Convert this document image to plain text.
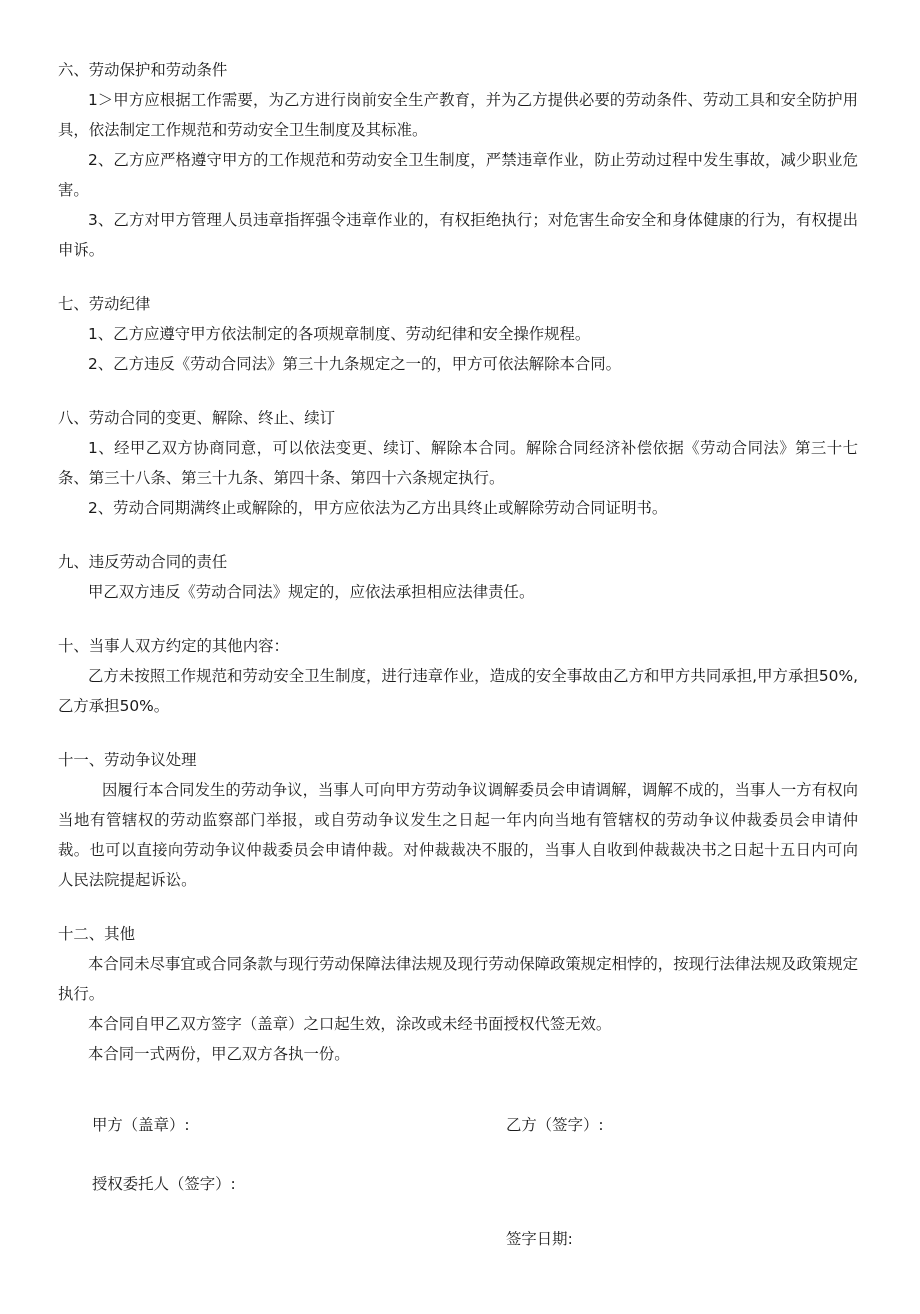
六、劳动保护和劳动条件
1＞甲方应根据工作需要，为乙方进行岗前安全生产教育，并为乙方提供必要的劳动条件、劳动工具和安全防护用具，依法制定工作规范和劳动安全卫生制度及其标准。
2、乙方应严格遵守甲方的工作规范和劳动安全卫生制度，严禁违章作业，防止劳动过程中发生事故，减少职业危害。
3、乙方对甲方管理人员违章指挥强令违章作业的，有权拒绝执行；对危害生命安全和身体健康的行为，有权提出申诉。
七、劳动纪律
1、乙方应遵守甲方依法制定的各项规章制度、劳动纪律和安全操作规程。
2、乙方违反《劳动合同法》第三十九条规定之一的，甲方可依法解除本合同。
八、劳动合同的变更、解除、终止、续订
1、经甲乙双方协商同意，可以依法变更、续订、解除本合同。解除合同经济补偿依据《劳动合同法》第三十七条、第三十八条、第三十九条、第四十条、第四十六条规定执行。
2、劳动合同期满终止或解除的，甲方应依法为乙方出具终止或解除劳动合同证明书。
九、违反劳动合同的责任
甲乙双方违反《劳动合同法》规定的，应依法承担相应法律责任。
十、当事人双方约定的其他内容：
乙方未按照工作规范和劳动安全卫生制度，进行违章作业，造成的安全事故由乙方和甲方共同承担,甲方承担50%,乙方承担50%。
十一、劳动争议处理
因履行本合同发生的劳动争议，当事人可向甲方劳动争议调解委员会申请调解，调解不成的，当事人一方有权向当地有管辖权的劳动监察部门举报，或自劳动争议发生之日起一年内向当地有管辖权的劳动争议仲裁委员会申请仲裁。也可以直接向劳动争议仲裁委员会申请仲裁。对仲裁裁决不服的，当事人自收到仲裁裁决书之日起十五日内可向人民法院提起诉讼。
十二、其他
本合同未尽事宜或合同条款与现行劳动保障法律法规及现行劳动保障政策规定相悖的，按现行法律法规及政策规定执行。
本合同自甲乙双方签字（盖章）之口起生效，涂改或未经书面授权代签无效。
本合同一式两份，甲乙双方各执一份。
甲方（盖章）:	乙方（签字）:
授权委托人（签字）:
签字日期:
